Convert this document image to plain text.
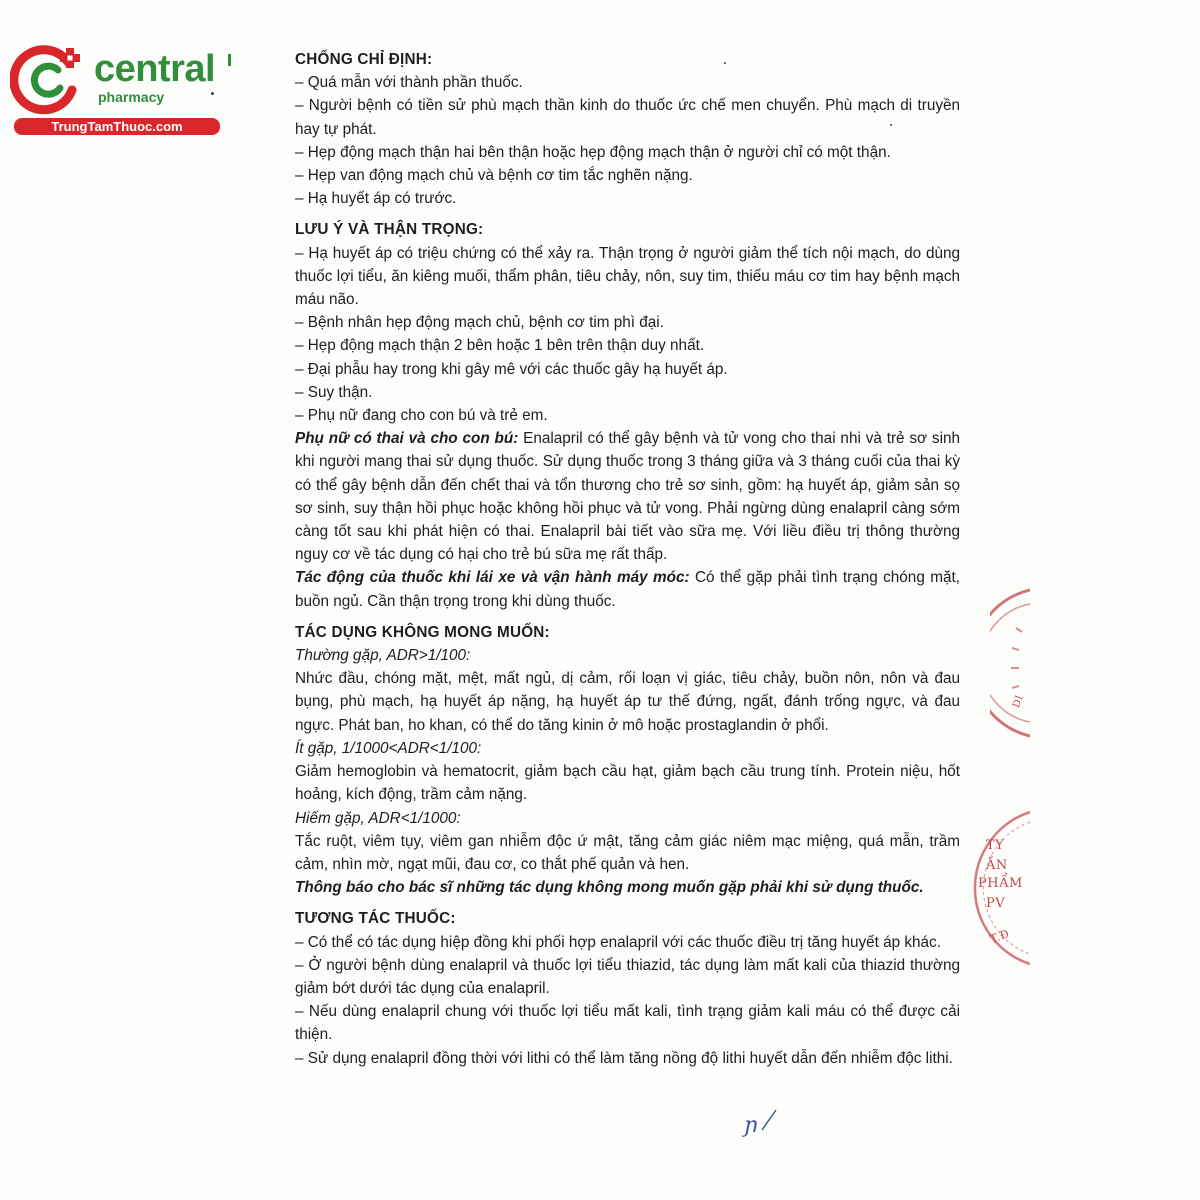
central
pharmacy
TrungTamThuoc.com
CHỐNG CHỈ ĐỊNH:

– Quá mẫn với thành phần thuốc.

– Người bệnh có tiền sử phù mạch thần kinh do thuốc ức chế men chuyển. Phù mạch di truyền hay tự phát.

– Hẹp động mạch thận hai bên thận hoặc hẹp động mạch thận ở người chỉ có một thận.

– Hẹp van động mạch chủ và bệnh cơ tim tắc nghẽn nặng.

– Hạ huyết áp có trước.

LƯU Ý VÀ THẬN TRỌNG:

– Hạ huyết áp có triệu chứng có thể xảy ra. Thận trọng ở người giảm thể tích nội mạch, do dùng thuốc lợi tiểu, ăn kiêng muối, thẩm phân, tiêu chảy, nôn, suy tim, thiếu máu cơ tim hay bệnh mạch máu não.

– Bệnh nhân hẹp động mạch chủ, bệnh cơ tim phì đại.

– Hẹp động mạch thận 2 bên hoặc 1 bên trên thận duy nhất.

– Đại phẫu hay trong khi gây mê với các thuốc gây hạ huyết áp.

– Suy thận.

– Phụ nữ đang cho con bú và trẻ em.

Phụ nữ có thai và cho con bú: Enalapril có thể gây bệnh và tử vong cho thai nhi và trẻ sơ sinh khi người mang thai sử dụng thuốc. Sử dụng thuốc trong 3 tháng giữa và 3 tháng cuối của thai kỳ có thể gây bệnh dẫn đến chết thai và tổn thương cho trẻ sơ sinh, gồm: hạ huyết áp, giảm sản sọ sơ sinh, suy thận hồi phục hoặc không hồi phục và tử vong. Phải ngừng dùng enalapril càng sớm càng tốt sau khi phát hiện có thai. Enalapril bài tiết vào sữa mẹ. Với liều điều trị thông thường nguy cơ về tác dụng có hại cho trẻ bú sữa mẹ rất thấp.

Tác động của thuốc khi lái xe và vận hành máy móc: Có thể gặp phải tình trạng chóng mặt, buồn ngủ. Cần thận trọng trong khi dùng thuốc.

TÁC DỤNG KHÔNG MONG MUỐN:

Thường gặp, ADR>1/100:

Nhức đầu, chóng mặt, mệt, mất ngủ, dị cảm, rối loạn vị giác, tiêu chảy, buồn nôn, nôn và đau bụng, phù mạch, hạ huyết áp nặng, hạ huyết áp tư thế đứng, ngất, đánh trống ngực, và đau ngực. Phát ban, ho khan, có thể do tăng kinin ở mô hoặc prostaglandin ở phổi.

Ít gặp, 1/1000<ADR<1/100:

Giảm hemoglobin và hematocrit, giảm bạch cầu hạt, giảm bạch cầu trung tính. Protein niệu, hốt hoảng, kích động, trầm cảm nặng.

Hiếm gặp, ADR<1/1000:

Tắc ruột, viêm tụy, viêm gan nhiễm độc ứ mật, tăng cảm giác niêm mạc miệng, quá mẫn, trầm cảm, nhìn mờ, ngạt mũi, đau cơ, co thắt phế quản và hen.

Thông báo cho bác sĩ những tác dụng không mong muốn gặp phải khi sử dụng thuốc.

TƯƠNG TÁC THUỐC:

– Có thể có tác dụng hiệp đồng khi phối hợp enalapril với các thuốc điều trị tăng huyết áp khác.

– Ở người bệnh dùng enalapril và thuốc lợi tiểu thiazid, tác dụng làm mất kali của thiazid thường giảm bớt dưới tác dụng của enalapril.

– Nếu dùng enalapril chung với thuốc lợi tiểu mất kali, tình trạng giảm kali máu có thể được cải thiện.

– Sử dụng enalapril đồng thời với lithi có thể làm tăng nồng độ lithi huyết dẫn đến nhiễm độc lithi.

DI
TY
ẦN
PHẨM
PV
T.Đ
ɲ
